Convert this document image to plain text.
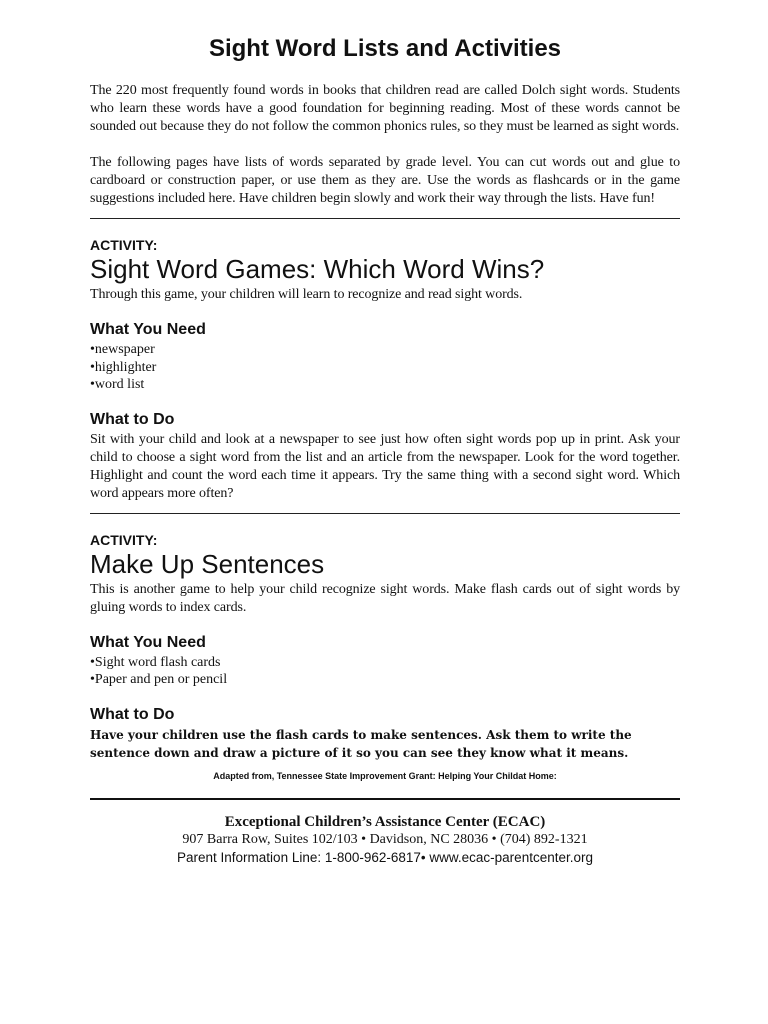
Sight Word Lists and Activities

The 220 most frequently found words in books that children read are called Dolch sight words. Students who learn these words have a good foundation for beginning reading. Most of these words cannot be sounded out because they do not follow the common phonics rules, so they must be learned as sight words.

The following pages have lists of words separated by grade level. You can cut words out and glue to cardboard or construction paper, or use them as they are. Use the words as flashcards or in the game suggestions included here. Have children begin slowly and work their way through the lists. Have fun!

ACTIVITY:
Sight Word Games: Which Word Wins?

Through this game, your children will learn to recognize and read sight words.

What You Need
• newspaper
• highlighter
• word list
What to Do

Sit with your child and look at a newspaper to see just how often sight words pop up in print. Ask your child to choose a sight word from the list and an article from the newspaper. Look for the word together. Highlight and count the word each time it appears. Try the same thing with a second sight word. Which word appears more often?

ACTIVITY:
Make Up Sentences

This is another game to help your child recognize sight words. Make flash cards out of sight words by gluing words to index cards.

What You Need
• Sight word flash cards
• Paper and pen or pencil
What to Do

Have your children use the flash cards to make sentences. Ask them to write the sentence down and draw a picture of it so you can see they know what it means.

Adapted from, Tennessee State Improvement Grant: Helping Your Childat Home:
Exceptional Children’s Assistance Center (ECAC)
907 Barra Row, Suites 102/103 • Davidson, NC 28036 • (704) 892-1321
Parent Information Line: 1-800-962-6817• www.ecac-parentcenter.org
